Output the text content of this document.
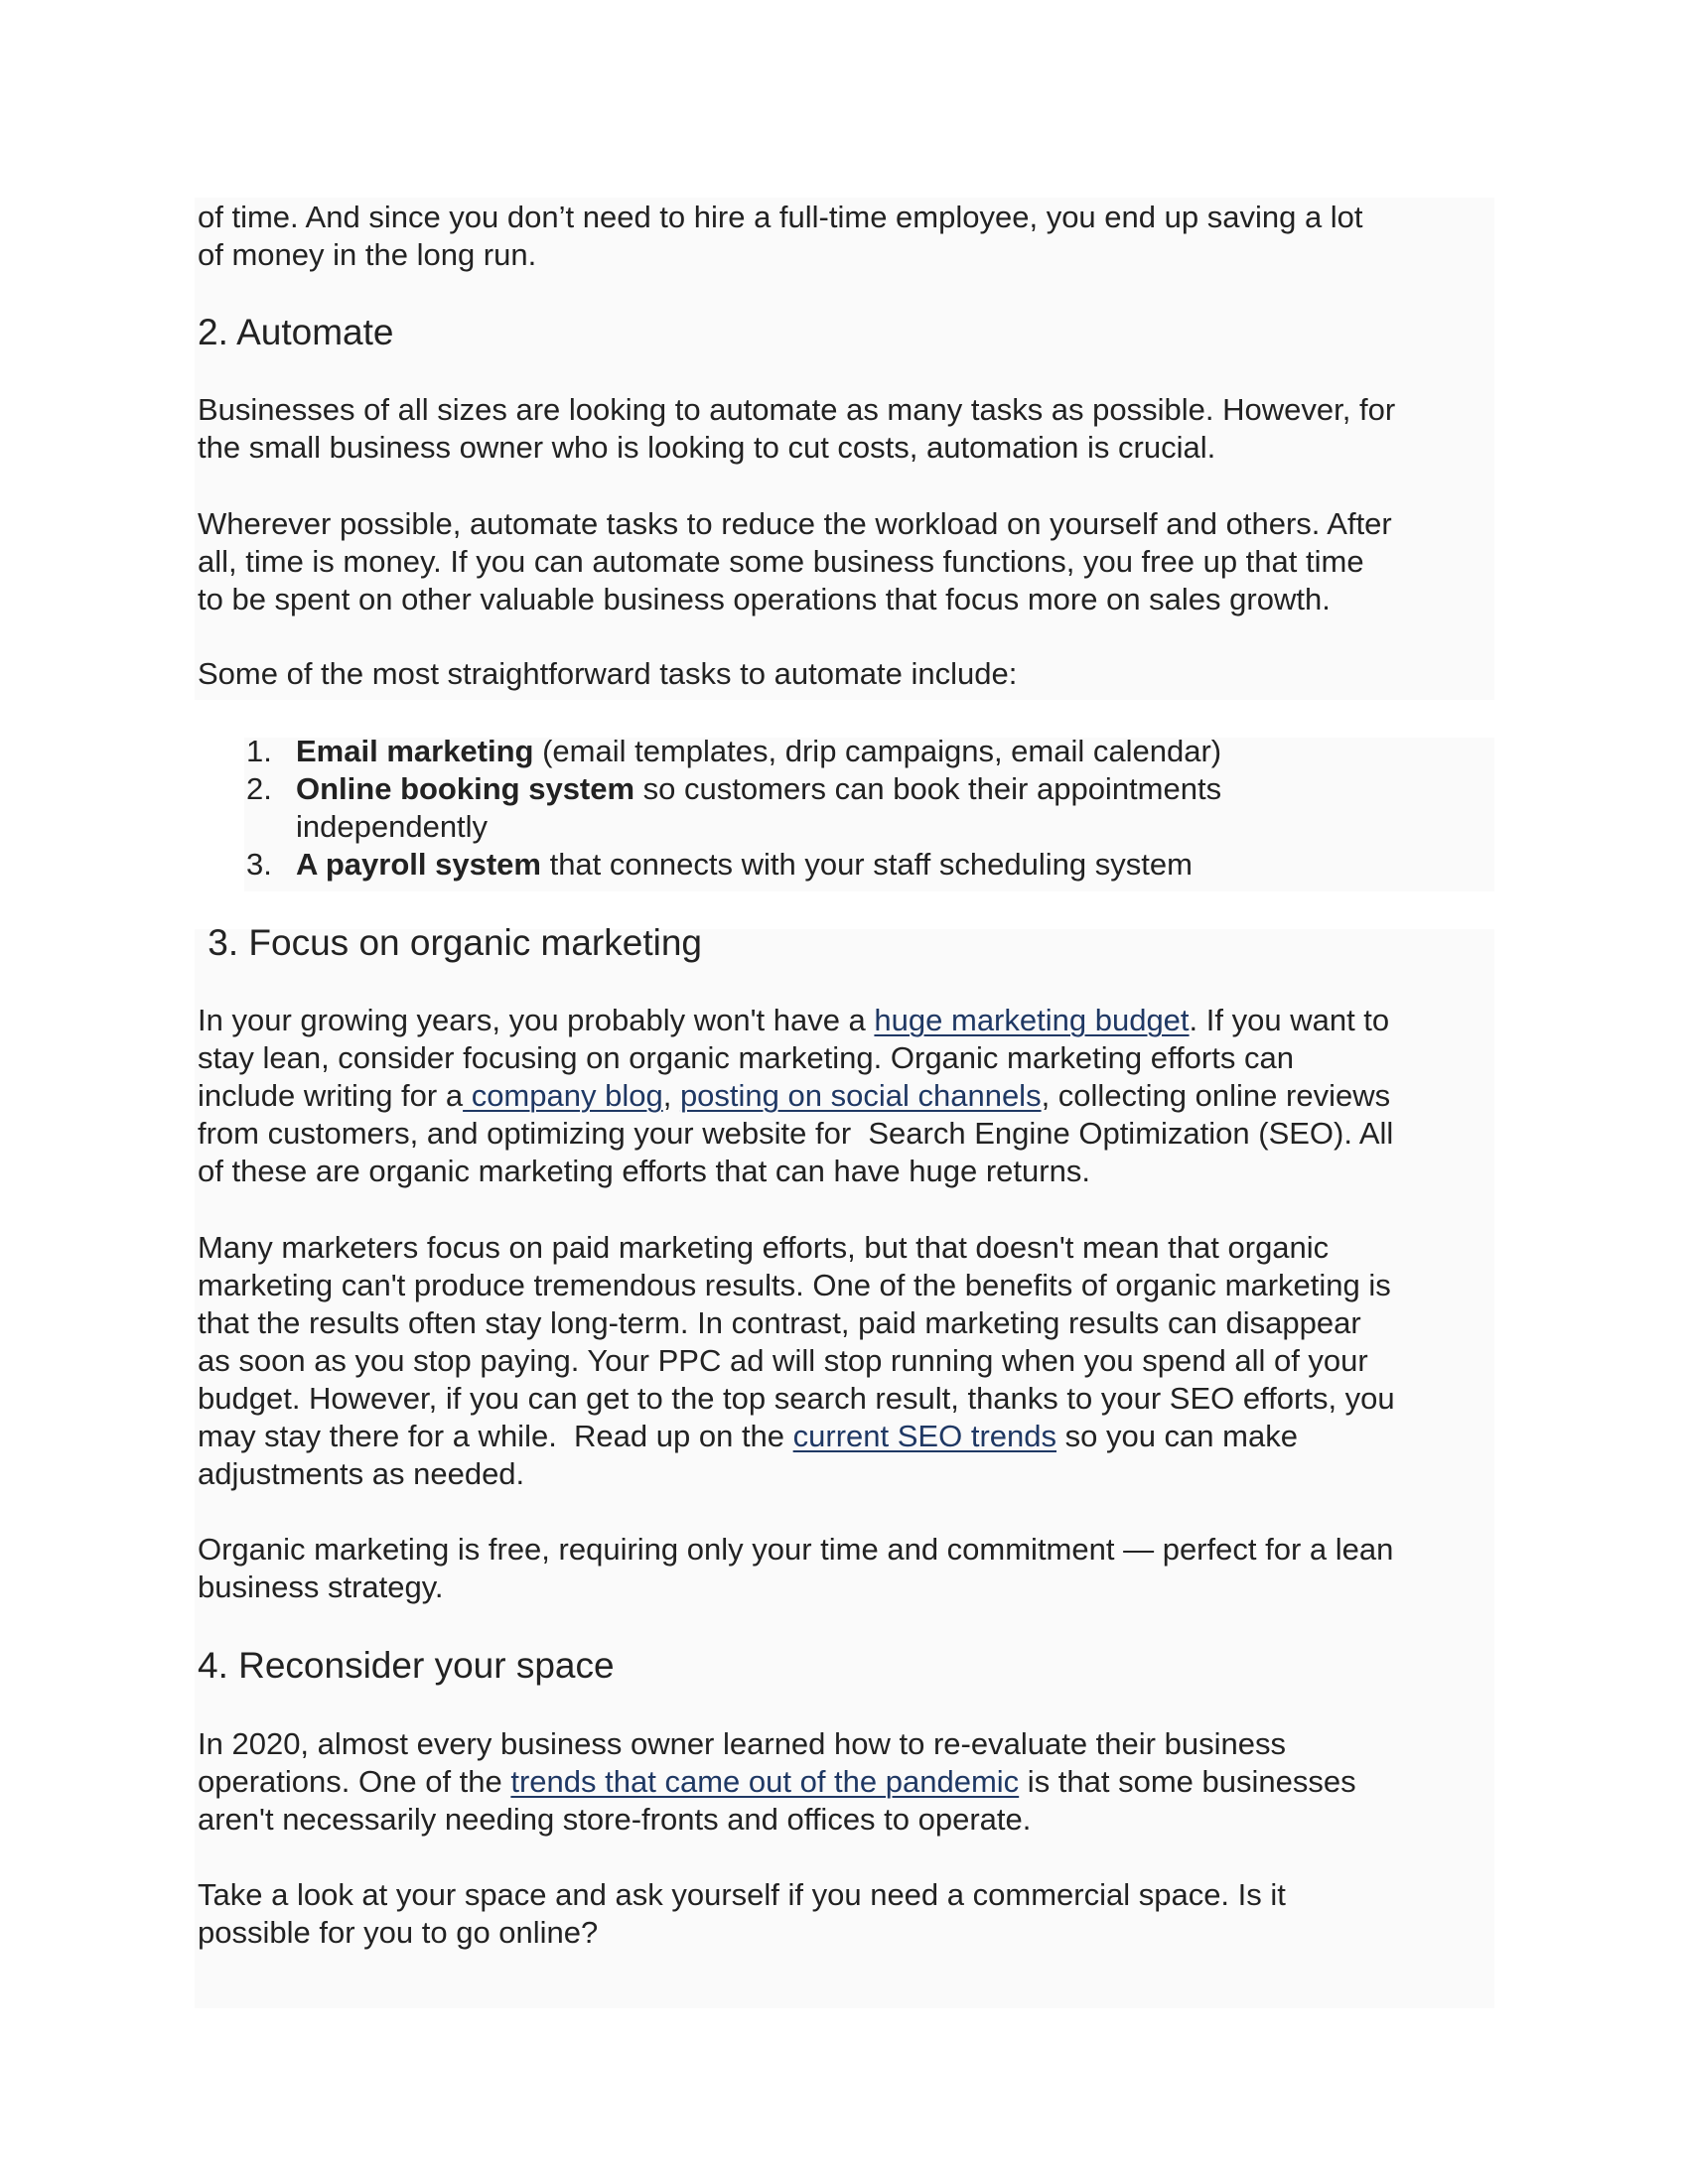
of time. And since you don’t need to hire a full-time employee, you end up saving a lot
of money in the long run.

2. Automate

Businesses of all sizes are looking to automate as many tasks as possible. However, for
the small business owner who is looking to cut costs, automation is crucial.

Wherever possible, automate tasks to reduce the workload on yourself and others. After
all, time is money. If you can automate some business functions, you free up that time
to be spent on other valuable business operations that focus more on sales growth.

Some of the most straightforward tasks to automate include:

1. Email marketing (email templates, drip campaigns, email calendar)
2. Online booking system so customers can book their appointments
independently
3. A payroll system that connects with your staff scheduling system
3. Focus on organic marketing

In your growing years, you probably won't have a huge marketing budget. If you want to
stay lean, consider focusing on organic marketing. Organic marketing efforts can
include writing for a company blog, posting on social channels, collecting online reviews
from customers, and optimizing your website for  Search Engine Optimization (SEO). All
of these are organic marketing efforts that can have huge returns.

Many marketers focus on paid marketing efforts, but that doesn't mean that organic
marketing can't produce tremendous results. One of the benefits of organic marketing is
that the results often stay long-term. In contrast, paid marketing results can disappear
as soon as you stop paying. Your PPC ad will stop running when you spend all of your
budget. However, if you can get to the top search result, thanks to your SEO efforts, you
may stay there for a while.  Read up on the current SEO trends so you can make
adjustments as needed.

Organic marketing is free, requiring only your time and commitment — perfect for a lean
business strategy.

4. Reconsider your space

In 2020, almost every business owner learned how to re-evaluate their business
operations. One of the trends that came out of the pandemic is that some businesses
aren't necessarily needing store-fronts and offices to operate.

Take a look at your space and ask yourself if you need a commercial space. Is it
possible for you to go online?
